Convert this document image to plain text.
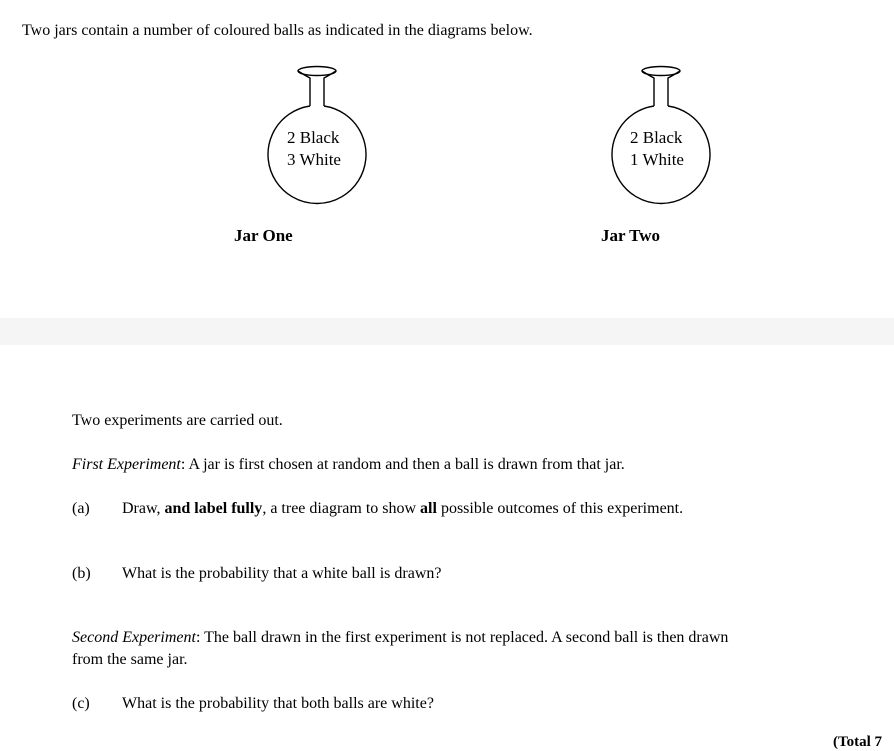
Two jars contain a number of coloured balls as indicated in the diagrams below.
2 Black
3 White
Jar One
2 Black
1 White
Jar Two
Two experiments are carried out.
First Experiment: A jar is first chosen at random and then a ball is drawn from that jar.
(a) Draw, and label fully, a tree diagram to show all possible outcomes of this experiment.
(b) What is the probability that a white ball is drawn?
Second Experiment: The ball drawn in the first experiment is not replaced. A second ball is then drawn
from the same jar.
(c) What is the probability that both balls are white?
(Total 7
